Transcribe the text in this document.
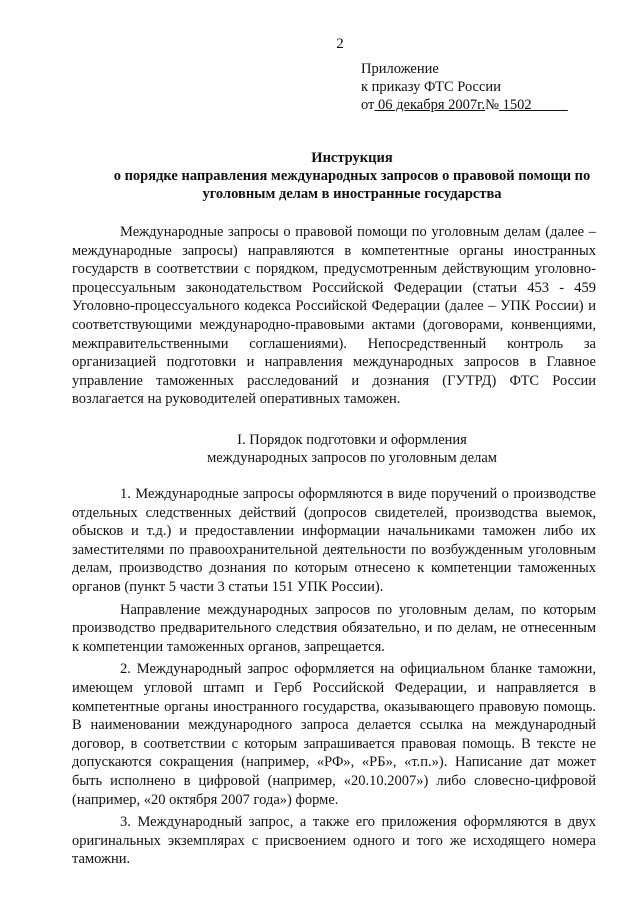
2
Приложение
к приказу ФТС России
от 06 декабря 2007г.№ 1502
Инструкция
о порядке направления международных запросов о правовой помощи по
уголовным делам в иностранные государства

Международные запросы о правовой помощи по уголовным делам (далее – международные запросы) направляются в компетентные органы иностранных государств в соответствии с порядком, предусмотренным действующим уголовно-процессуальным законодательством Российской Федерации (статьи 453 - 459 Уголовно-процессуального кодекса Российской Федерации (далее – УПК России) и соответствующими международно-правовыми актами (договорами, конвенциями, межправительственными соглашениями). Непосредственный контроль за организацией подготовки и направления международных запросов в Главное управление таможенных расследований и дознания (ГУТРД) ФТС России возлагается на руководителей оперативных таможен.

I. Порядок подготовки и оформления
международных запросов по уголовным делам

1. Международные запросы оформляются в виде поручений о производстве отдельных следственных действий (допросов свидетелей, производства выемок, обысков и т.д.) и предоставлении информации начальниками таможен либо их заместителями по правоохранительной деятельности по возбужденным уголовным делам, производство дознания по которым отнесено к компетенции таможенных органов (пункт 5 части 3 статьи 151 УПК России).

Направление международных запросов по уголовным делам, по которым производство предварительного следствия обязательно, и по делам, не отнесенным к компетенции таможенных органов, запрещается.

2. Международный запрос оформляется на официальном бланке таможни, имеющем угловой штамп и Герб Российской Федерации, и направляется в компетентные органы иностранного государства, оказывающего правовую помощь. В наименовании международного запроса делается ссылка на международный договор, в соответствии с которым запрашивается правовая помощь. В тексте не допускаются сокращения (например, «РФ», «РБ», «т.п.»). Написание дат может быть исполнено в цифровой (например, «20.10.2007») либо словесно-цифровой (например, «20 октября 2007 года») форме.

3. Международный запрос, а также его приложения оформляются в двух оригинальных экземплярах с присвоением одного и того же исходящего номера таможни.
